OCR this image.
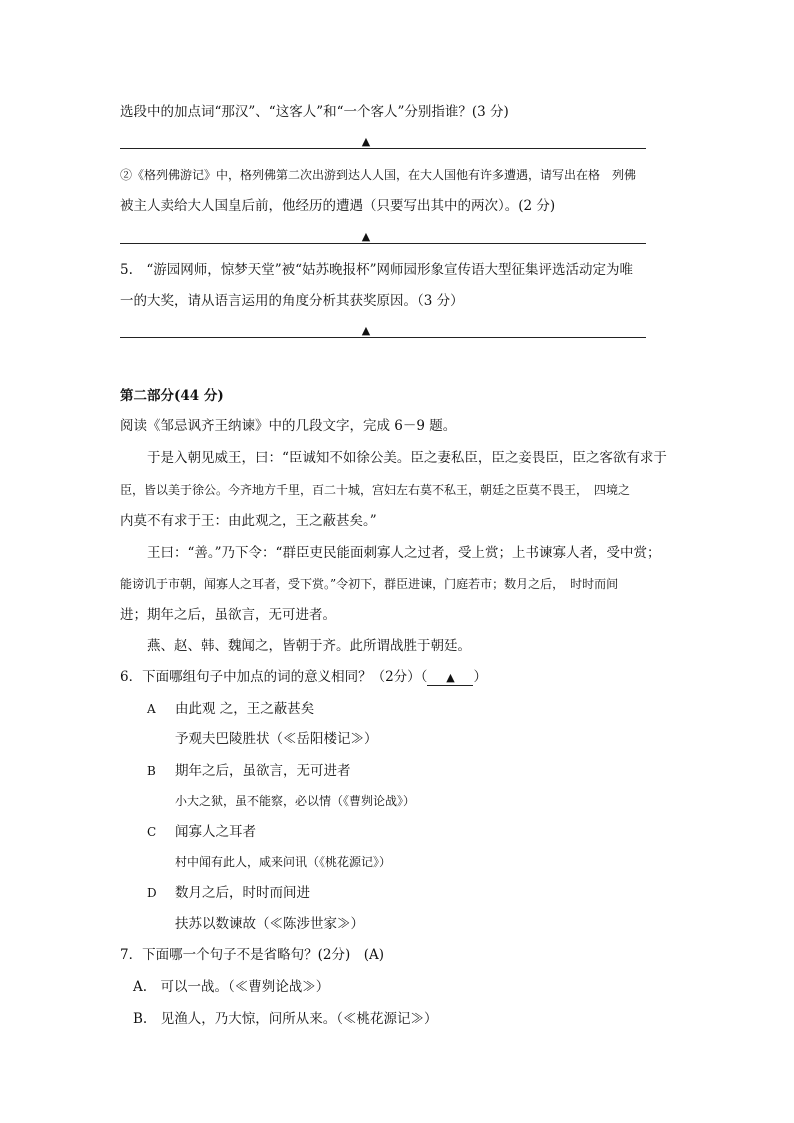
选段中的加点词“那汉”、“这客人”和“一个客人”分别指谁？(3 分)
▲
②《格列佛游记》中，格列佛第二次出游到达人人国，在大人国他有许多遭遇，请写出在格　列佛
被主人卖给大人国皇后前，他经历的遭遇（只要写出其中的两次）。(2 分)
▲
5.　“游园网师，惊梦天堂”被“姑苏晚报杯”网师园形象宣传语大型征集评选活动定为唯
一的大奖，请从语言运用的角度分析其获奖原因。（3 分）
▲
第二部分(44 分)
阅读《邹忌讽齐王纳谏》中的几段文字，完成 6－9 题。
于是入朝见威王，曰：“臣诚知不如徐公美。臣之妻私臣，臣之妾畏臣，臣之客欲有求于
臣，皆以美于徐公。今齐地方千里，百二十城，宫妇左右莫不私王，朝廷之臣莫不畏王，　四境之
内莫不有求于王：由此观之，王之蔽甚矣。”
王曰：“善。”乃下令：“群臣吏民能面刺寡人之过者，受上赏；上书谏寡人者，受中赏；
能谤讥于市朝，闻寡人之耳者，受下赏。”令初下，群臣进谏，门庭若市；数月之后，　时时而间
进；期年之后，虽欲言，无可进者。
燕、赵、韩、魏闻之，皆朝于齐。此所谓战胜于朝廷。
6．下面哪组句子中加点的词的意义相同？（2分）（ ▲ ）
A 由此观 之，王之蔽甚矣
予观夫巴陵胜状（≪岳阳楼记≫）
B 期年之后，虽欲言，无可进者
小大之狱，虽不能察，必以情（《曹刿论战》）
C 闻寡人之耳者
村中闻有此人，咸来问讯（《桃花源记》）
D 数月之后，时时而间进
扶苏以数谏故（≪陈涉世家≫）
7．下面哪一个句子不是省略句？(2分)　(A)
A.　可以一战。（≪曹刿论战≫）
B.　见渔人，乃大惊，问所从来。（≪桃花源记≫）
